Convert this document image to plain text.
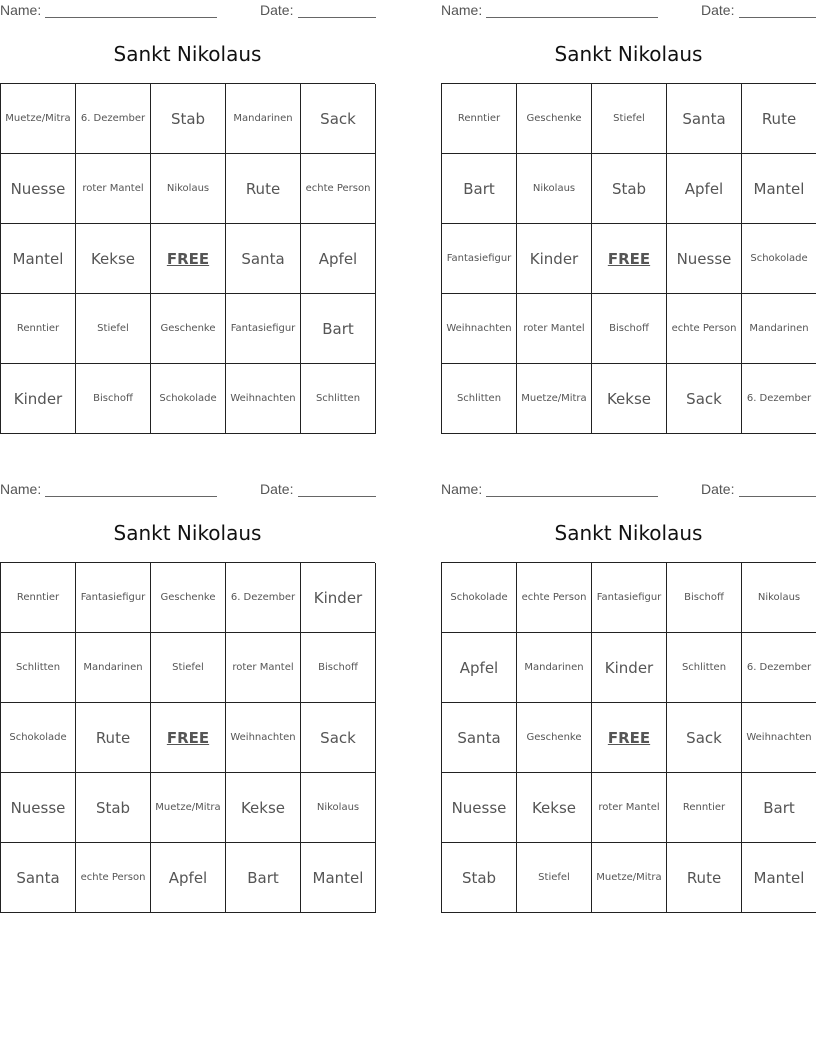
Name:	Date:
Sankt Nikolaus
Muetze/Mitra	6. Dezember	Stab	Mandarinen	Sack
Nuesse	roter Mantel	Nikolaus	Rute	echte Person
Mantel	Kekse	FREE	Santa	Apfel
Renntier	Stiefel	Geschenke	Fantasiefigur	Bart
Kinder	Bischoff	Schokolade	Weihnachten	Schlitten
Name:	Date:
Sankt Nikolaus
Renntier	Geschenke	Stiefel	Santa	Rute
Bart	Nikolaus	Stab	Apfel	Mantel
Fantasiefigur	Kinder	FREE	Nuesse	Schokolade
Weihnachten	roter Mantel	Bischoff	echte Person	Mandarinen
Schlitten	Muetze/Mitra	Kekse	Sack	6. Dezember
Name:	Date:
Sankt Nikolaus
Renntier	Fantasiefigur	Geschenke	6. Dezember	Kinder
Schlitten	Mandarinen	Stiefel	roter Mantel	Bischoff
Schokolade	Rute	FREE	Weihnachten	Sack
Nuesse	Stab	Muetze/Mitra	Kekse	Nikolaus
Santa	echte Person	Apfel	Bart	Mantel
Name:	Date:
Sankt Nikolaus
Schokolade	echte Person	Fantasiefigur	Bischoff	Nikolaus
Apfel	Mandarinen	Kinder	Schlitten	6. Dezember
Santa	Geschenke	FREE	Sack	Weihnachten
Nuesse	Kekse	roter Mantel	Renntier	Bart
Stab	Stiefel	Muetze/Mitra	Rute	Mantel
